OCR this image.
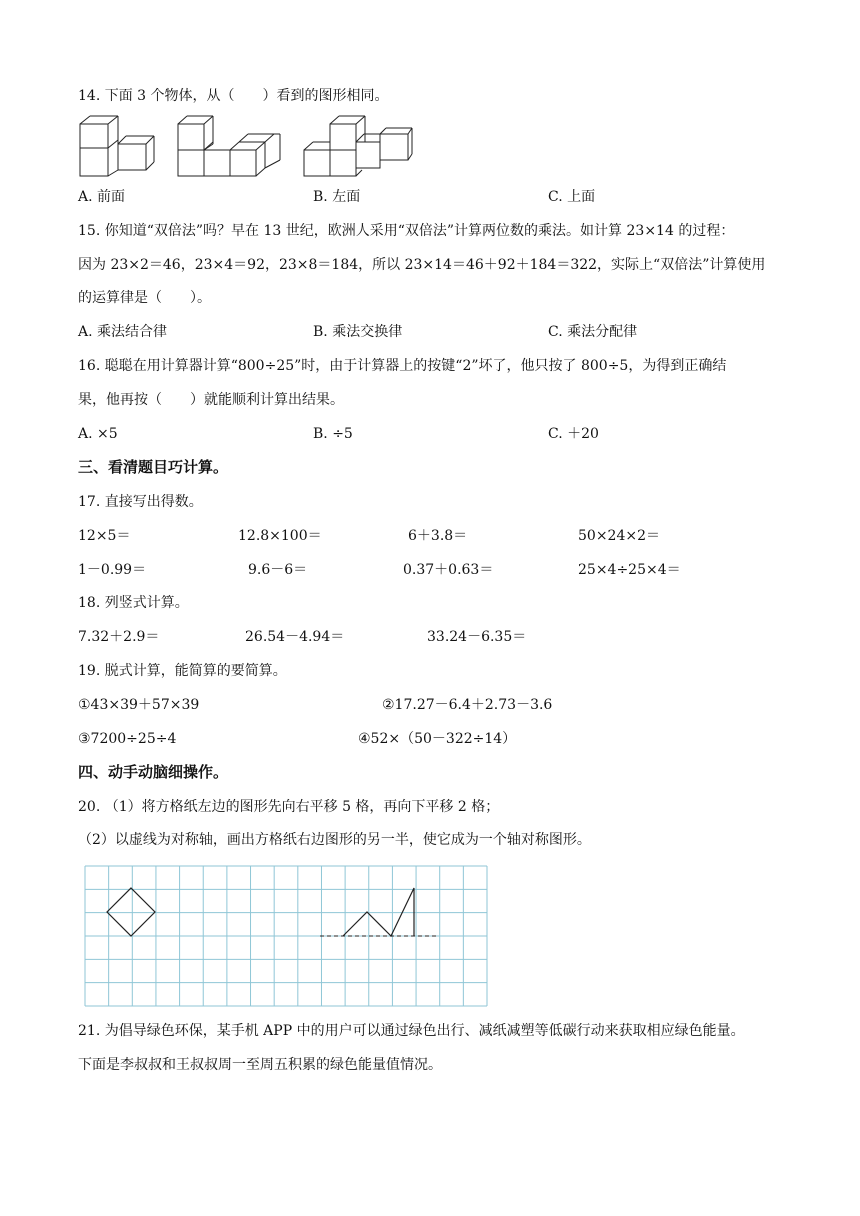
14. 下面 3 个物体，从（　　）看到的图形相同。
A. 前面	B. 左面	C. 上面
15. 你知道“双倍法”吗？早在 13 世纪，欧洲人采用“双倍法”计算两位数的乘法。如计算 23×14 的过程：
因为 23×2＝46，23×4＝92，23×8＝184，所以 23×14＝46＋92＋184＝322，实际上“双倍法”计算使用
的运算律是（　　）。
A. 乘法结合律	B. 乘法交换律	C. 乘法分配律
16. 聪聪在用计算器计算“800÷25”时，由于计算器上的按键“2”坏了，他只按了 800÷5，为得到正确结
果，他再按（　　）就能顺利计算出结果。
A. ×5	B. ÷5	C. ＋20
三、看清题目巧计算。
17. 直接写出得数。
12×5＝	12.8×100＝	6＋3.8＝	50×24×2＝
1－0.99＝	9.6－6＝	0.37＋0.63＝	25×4÷25×4＝
18. 列竖式计算。
7.32＋2.9＝	26.54－4.94＝	33.24－6.35＝
19. 脱式计算，能简算的要简算。
①43×39＋57×39	②17.27－6.4＋2.73－3.6
③7200÷25÷4	④52×（50－322÷14）
四、动手动脑细操作。
20. （1）将方格纸左边的图形先向右平移 5 格，再向下平移 2 格；
（2）以虚线为对称轴，画出方格纸右边图形的另一半，使它成为一个轴对称图形。
21. 为倡导绿色环保，某手机 APP 中的用户可以通过绿色出行、减纸减塑等低碳行动来获取相应绿色能量。
下面是李叔叔和王叔叔周一至周五积累的绿色能量值情况。
